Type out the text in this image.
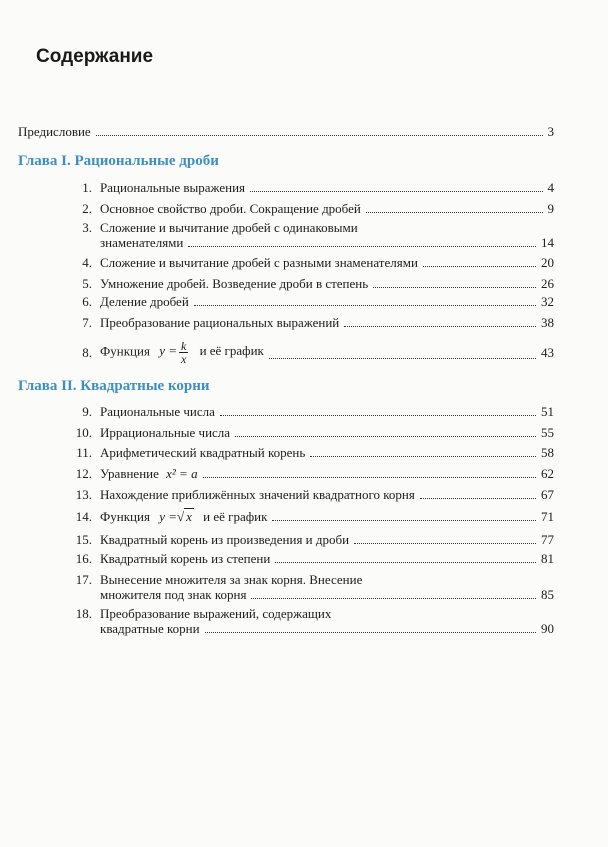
Содержание
Предисловие	3
Глава I. Рациональные дроби
1. Рациональные выражения	4
2. Основное свойство дроби. Сокращение дробей	9
3. Сложение и вычитание дробей с одинаковыми
знаменателями	14
4. Сложение и вычитание дробей с разными знаменателями	20
5. Умножение дробей. Возведение дроби в степень	26
6. Деление дробей	32
7. Преобразование рациональных выражений	38
8. Функция $y = \frac{k}{x}$ и её график	43
Глава II. Квадратные корни
9. Рациональные числа	51
10. Иррациональные числа	55
11. Арифметический квадратный корень	58
12. Уравнение x² = a	62
13. Нахождение приближённых значений квадратного корня	67
14. Функция y =√ x и её график	71
15. Квадратный корень из произведения и дроби	77
16. Квадратный корень из степени	81
17. Вынесение множителя за знак корня. Внесение
множителя под знак корня	85
18. Преобразование выражений, содержащих
квадратные корни	90
